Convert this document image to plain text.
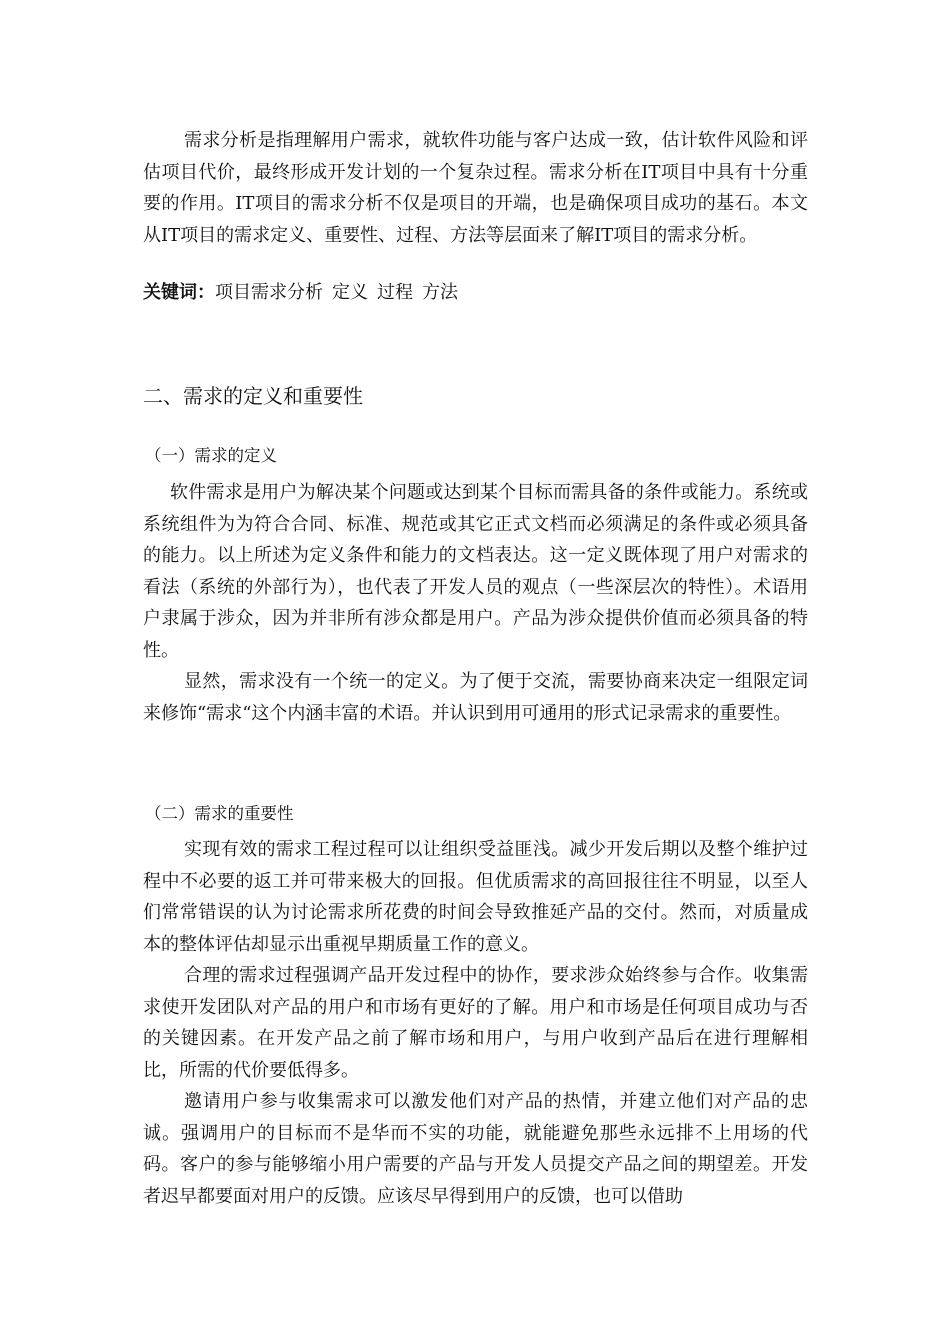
需求分析是指理解用户需求，就软件功能与客户达成一致，估计软件风险和评估项目代价，最终形成开发计划的一个复杂过程。需求分析在IT项目中具有十分重要的作用。IT项目的需求分析不仅是项目的开端，也是确保项目成功的基石。本文从IT项目的需求定义、重要性、过程、方法等层面来了解IT项目的需求分析。

关键词：项目需求分析 定义 过程 方法
二、需求的定义和重要性
（一）需求的定义

软件需求是用户为解决某个问题或达到某个目标而需具备的条件或能力。系统或系统组件为为符合合同、标准、规范或其它正式文档而必须满足的条件或必须具备的能力。以上所述为定义条件和能力的文档表达。这一定义既体现了用户对需求的看法（系统的外部行为），也代表了开发人员的观点（一些深层次的特性）。术语用户隶属于涉众，因为并非所有涉众都是用户。产品为涉众提供价值而必须具备的特性。

显然，需求没有一个统一的定义。为了便于交流，需要协商来决定一组限定词来修饰“需求“这个内涵丰富的术语。并认识到用可通用的形式记录需求的重要性。

（二）需求的重要性

实现有效的需求工程过程可以让组织受益匪浅。减少开发后期以及整个维护过程中不必要的返工并可带来极大的回报。但优质需求的高回报往往不明显，以至人们常常错误的认为讨论需求所花费的时间会导致推延产品的交付。然而，对质量成本的整体评估却显示出重视早期质量工作的意义。

合理的需求过程强调产品开发过程中的协作，要求涉众始终参与合作。收集需求使开发团队对产品的用户和市场有更好的了解。用户和市场是任何项目成功与否的关键因素。在开发产品之前了解市场和用户，与用户收到产品后在进行理解相比，所需的代价要低得多。

邀请用户参与收集需求可以激发他们对产品的热情，并建立他们对产品的忠诚。强调用户的目标而不是华而不实的功能，就能避免那些永远排不上用场的代码。客户的参与能够缩小用户需要的产品与开发人员提交产品之间的期望差。开发者迟早都要面对用户的反馈。应该尽早得到用户的反馈，也可以借助
